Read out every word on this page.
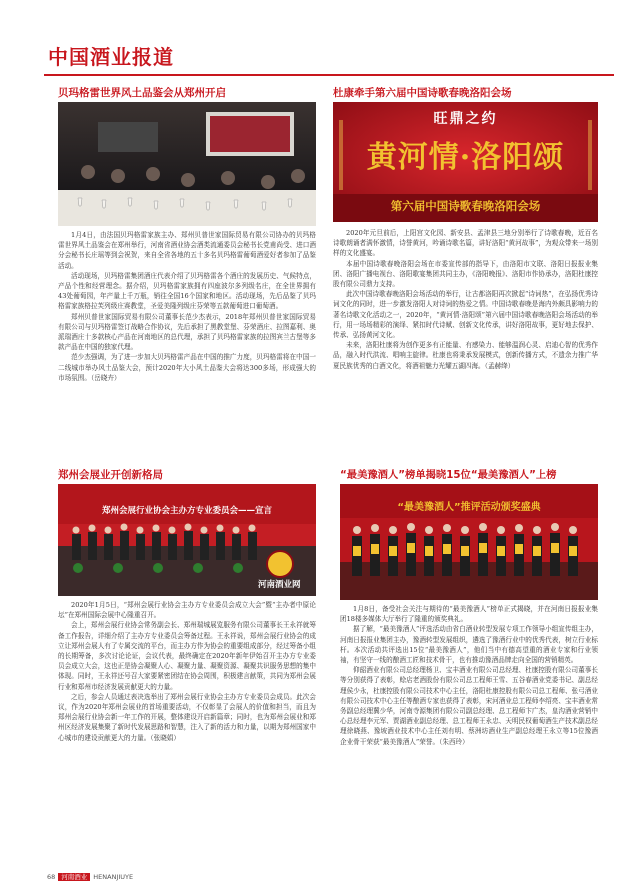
中国酒业报道
贝玛格雷世界风土品鉴会从郑州开启

1月4日，由法国贝玛格雷家族主办、郑州贝普世家国际贸易有限公司协办的贝玛格雷世界风土品鉴会在郑州举行，河南省酒业协会酒类流通委员会秘书长党甫尚受、进口酒分会秘书长庄瑶等到会祝贺，来自全省各地的五十多名贝玛格雷葡萄酒爱好者参加了品鉴活动。

活动现场，贝玛格雷集团酒庄代表介绍了贝玛格雷各个酒庄的发展历史、气候特点，产品个性和经营理念。据介绍，贝玛格雷家族拥有四座波尔多列级名庄，在全世界拥有43处葡萄园，年产量上千万瓶，销往全国16个国家和地区。活动现场，先后品鉴了贝玛格雷家族格拉芙列级庄赛教堂，圣爱美隆列级庄芬荣等五款葡萄进口葡萄酒。

郑州贝普世家国际贸易有限公司董事长范少杰表示，2018年郑州贝普世家国际贸易有限公司与贝玛格雷签订战略合作协议，先后承担了黑教堂堡、芬荣酒庄、拉图嘉利、奥派瑞酒庄十多款核心产品在河南地区的总代理，承担了贝玛格雷家族的拉图宾兰古堡等多款产品在中国的独家代理。

范少杰强调，为了进一步加大贝玛格雷产品在中国的推广力度，贝玛格雷将在中国一二线城市举办风土品鉴大会，预计2020年大小风土品鉴大会将达300多场，形成强大的市场氛围。（岳晓卉）

杜康牵手第六届中国诗歌春晚洛阳会场
旺鼎之约
黄河情·洛阳颂
第六届中国诗歌春晚洛阳会场

2020年元旦前后，上阳宫文化园、新安县、孟津县三地分别举行了诗歌春晚，近百名诗歌朗诵者满怀激情，诗誉黄河，吟诵诗歌名篇，讲好洛阳“黄河故事”，为观众带来一场别样的文化盛宴。

本届中国诗歌春晚洛阳会场在市委宣传部的指导下，由洛阳市文联、洛阳日报报业集团、洛阳广播电视台、洛阳歌宴集团共同主办，《洛阳晚报》、洛阳市作协承办，洛阳杜康控股有限公司鼎力支持。

此次中国诗歌春晚洛阳会场活动的举行，让古都洛阳再次掀起“诗词热”，在弘扬优秀诗词文化的同时，进一步激发洛阳人对诗词的热爱之情。中国诗歌春晚是海内外颇具影响力的著名诗歌文化活动之一，2020年，“黄河情·洛阳颂”第六届中国诗歌春晚洛阳会场活动的举行，用一场场精彩的演绎、紧扣时代诗赋、创新文化传承，讲好洛阳故事，更好地去保护、传承、弘扬黄河文化。

未来，洛阳杜康将为创作更多有正能量、有感染力、能够温润心灵、启迪心智的优秀作品，融入时代洪流、唱响主旋律。杜康也将秉承发展模式，创新传播方式，不遗余力推广华夏民族优秀的白酒文化，将酒祖魅力光耀五湖四海。（孟赫绛）

郑州会展业开创新格局
郑州会展行业协会主办方专业委员会——宣言
河南酒业网

2020年1月5日，“郑州会展行业协会主办方专业委员会成立大会”暨“主办者中原论坛”在郑州国际会展中心隆重召开。

会上，郑州会展行业协会常务副会长、郑州瑞城展览服务有限公司董事长王永祥就筹备工作报告，详细介绍了主办方专业委员会筹备过程。王永祥说，郑州会展行业协会的成立让郑州会展人有了专属交流的平台，而主办方作为协会的重要组成部分，经过筹备小组的长期筹备，多次讨论论证，会议代表，最终确定在2020年新年伊始召开主办方专业委员会成立大会，这也正是协会凝聚人心、凝聚力量、凝聚资源、凝聚共识服务思想的集中体现。同时，王永祥还号召大家要紧密团结在协会周围，积极建言献策，共同为郑州会展行业和郑州市经济发展贡献更大的力量。

之后，参会人员通过表决选举出了郑州会展行业协会主办方专业委员会成员。此次会议，作为2020年郑州会展业的首场重要活动，不仅彰显了会展人的价值和担当，而且为郑州会展行业协会新一年工作的开展，整体建设开启新篇章；同时，也为郑州会展业和郑州区经济发展集聚了新时代发展思路和智慧，注入了新的活力和力量，以期为郑州国家中心城市的建设贡献更大的力量。（张晓娟）

“最美豫酒人”榜单揭晓15位“最美豫酒人”上榜
“最美豫酒人”推评活动颁奖盛典

1月8日，备受社会关注与期待的“最美豫酒人”榜单正式揭晓，并在河南日报报业集团18楼多媒体大厅举行了隆重的颁奖典礼。

据了解，“最美豫酒人”评选活动由省白酒业转型发展专项工作领导小组宣传组主办，河南日报报业集团主办，豫酒转型发展组织，遴选了豫酒行业中的优秀代表，树立行业标杆。本次活动共评选出15位“最美豫酒人”，他们当中有德高望重的酒业专家和行业领袖，有坚守一线的酿酒工匠和技术骨干，也有推动豫酒品牌走向全国的营销精英。

仰韶酒业有限公司总经理杨卫、宝丰酒业有限公司总经理、杜康控股有限公司董事长等分别获得了表彰，赊店老酒股份有限公司总工程师王雪、五谷春酒业党委书记、副总经理侯少永，杜康控股有限公司技术中心主任，洛阳杜康控股有限公司总工程师、张弓酒业有限公司技术中心主任等酿酒专家也获得了表彰，宋河酒业总工程师李绍亮、宝丰酒业常务副总经理冀少华，河南寺源集团有限公司副总经理、总工程师卞广杰，皇沟酒业营销中心总经理李元军、贾湖酒业副总经理、总工程师王永忠、天明民权葡萄酒生产技术副总经理徐晓燕、豫坡酒业技术中心主任刘有明、蔡洲坊酒业生产副总经理王永立等15位豫酒企业骨干荣获“最美豫酒人”荣誉。（朱西玲）

68 河南酒业 HENANJIUYE
